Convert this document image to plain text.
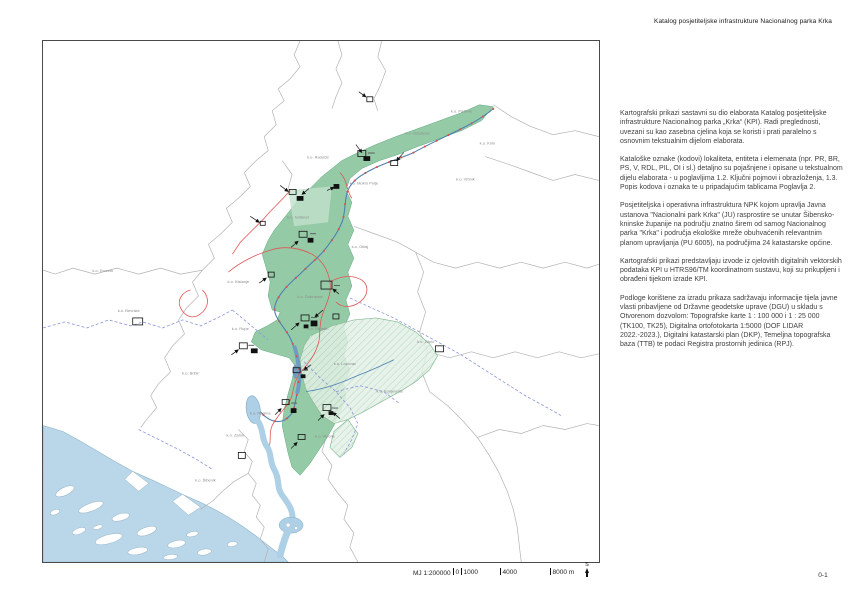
k.o. Pađene
k.o. Oćestovo
k.o. Knin
k.o. Vrbnik
k.o. Radučić
k.o. Mokro Polje
k.o. Ivoševci
k.o. Oklaj
k.o. Kistanje
k.o. Ervenik
k.o. Đevrske
k.o. Rupe
k.o. Dubravice
k.o. Skradin
k.o. Bribir
k.o. Lozovac
k.o. Konjevrate
k.o. Žitnić
k.o. Vrpolje
k.o. Zaton
k.o. Raslina
k.o. Šibenik
Katalog posjetiteljske infrastrukture Nacionalnog parka Krka

Kartografski prikazi sastavni su dio elaborata Katalog posjetiteljske infrastrukture Nacionalnog parka „Krka“ (KPI). Radi preglednosti, uvezani su kao zasebna cjelina koja se koristi i prati paralelno s osnovnim tekstualnim dijelom elaborata.

Kataloške oznake (kodovi) lokaliteta, entiteta i elemenata (npr. PR, BR, PS, V, RDL, PIL, OI i sl.) detaljno su pojašnjene i opisane u tekstualnom dijelu elaborata - u poglavljima 1.2. Ključni pojmovi i obrazloženja, 1.3. Popis kodova i oznaka te u pripadajućim tablicama Poglavlja 2.

Posjetiteljska i operativna infrastruktura NPK kojom upravlja Javna ustanova "Nacionalni park Krka" (JU) rasprostire se unutar Šibensko-kninske županije na području znatno širem od samog Nacionalnog parka "Krka" i područja ekološke mreže obuhvaćenih relevantnim planom upravljanja (PU 6005), na područjima 24 katastarske općine.

Kartografski prikazi predstavljaju izvode iz cjelovitih digitalnih vektorskih podataka KPI u HTRS96/TM koordinatnom sustavu, koji su prikupljeni i obrađeni tijekom izrade KPI.

Podloge korištene za izradu prikaza sadržavaju informacije tijela javne vlasti pribavljene od Državne geodetske uprave (DGU) u skladu s Otvorenom dozvolom: Topografske karte 1 : 100 000 i 1 : 25 000 (TK100, TK25), Digitalna ortofotokarta 1:5000 (DOF LIDAR 2022.-2023.), Digitalni katastarski plan (DKP), Temeljna topografska baza (TTB) te podaci Registra prostornih jedinica (RPJ).

MJ 1:200000 0 1000	4000	8000 m
S
0-1
